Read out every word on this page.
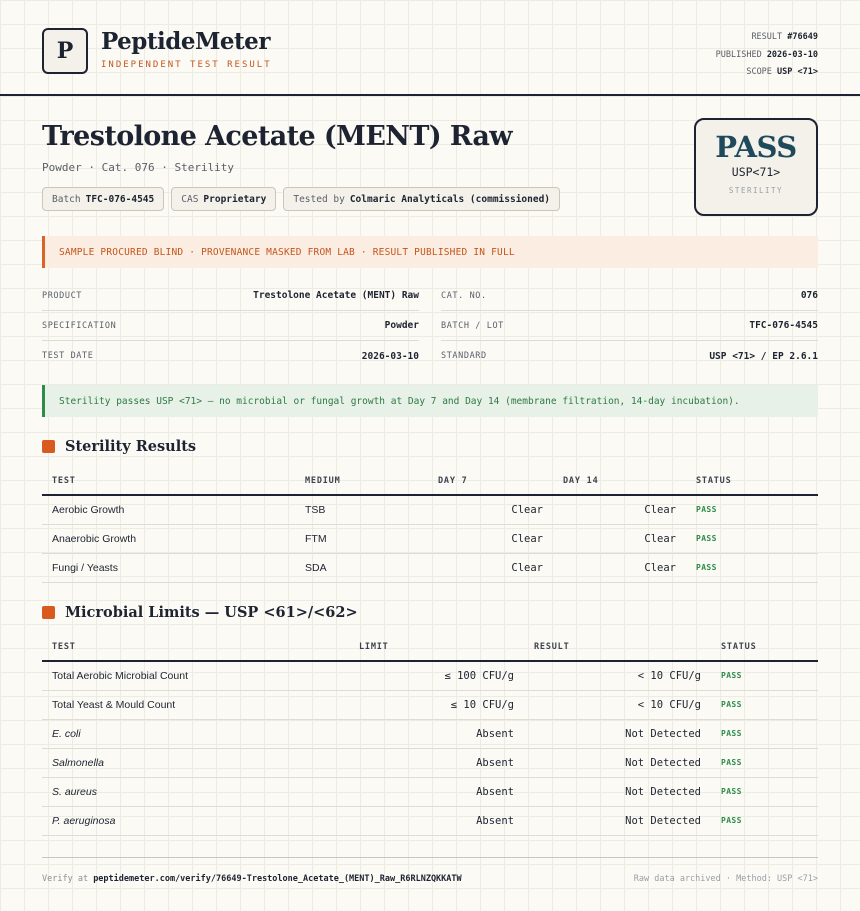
P	PeptideMeter
INDEPENDENT TEST RESULT
RESULT #76649
PUBLISHED 2026-03-10
SCOPE USP <71>
Trestolone Acetate (MENT) Raw
Powder · Cat. 076 · Sterility
Batch TFC-076-4545	CAS Proprietary	Tested by Colmaric Analyticals (commissioned)
PASS
USP<71>
STERILITY
SAMPLE PROCURED BLIND · PROVENANCE MASKED FROM LAB · RESULT PUBLISHED IN FULL
PRODUCT	Trestolone Acetate (MENT) Raw
SPECIFICATION	Powder
TEST DATE	2026-03-10
CAT. NO.	076
BATCH / LOT	TFC-076-4545
STANDARD	USP <71> / EP 2.6.1
Sterility passes USP <71> — no microbial or fungal growth at Day 7 and Day 14 (membrane filtration, 14-day incubation).
Sterility Results
TEST	MEDIUM	DAY 7	DAY 14	STATUS
Aerobic Growth	TSB	Clear	Clear	PASS
Anaerobic Growth	FTM	Clear	Clear	PASS
Fungi / Yeasts	SDA	Clear	Clear	PASS
Microbial Limits — USP <61>/<62>
TEST	LIMIT	RESULT	STATUS
Total Aerobic Microbial Count	≤ 100 CFU/g	< 10 CFU/g	PASS
Total Yeast & Mould Count	≤ 10 CFU/g	< 10 CFU/g	PASS
E. coli	Absent	Not Detected	PASS
Salmonella	Absent	Not Detected	PASS
S. aureus	Absent	Not Detected	PASS
P. aeruginosa	Absent	Not Detected	PASS
Verify at peptidemeter.com/verify/76649-Trestolone_Acetate_(MENT)_Raw_R6RLNZQKKATW	Raw data archived · Method: USP <71>
